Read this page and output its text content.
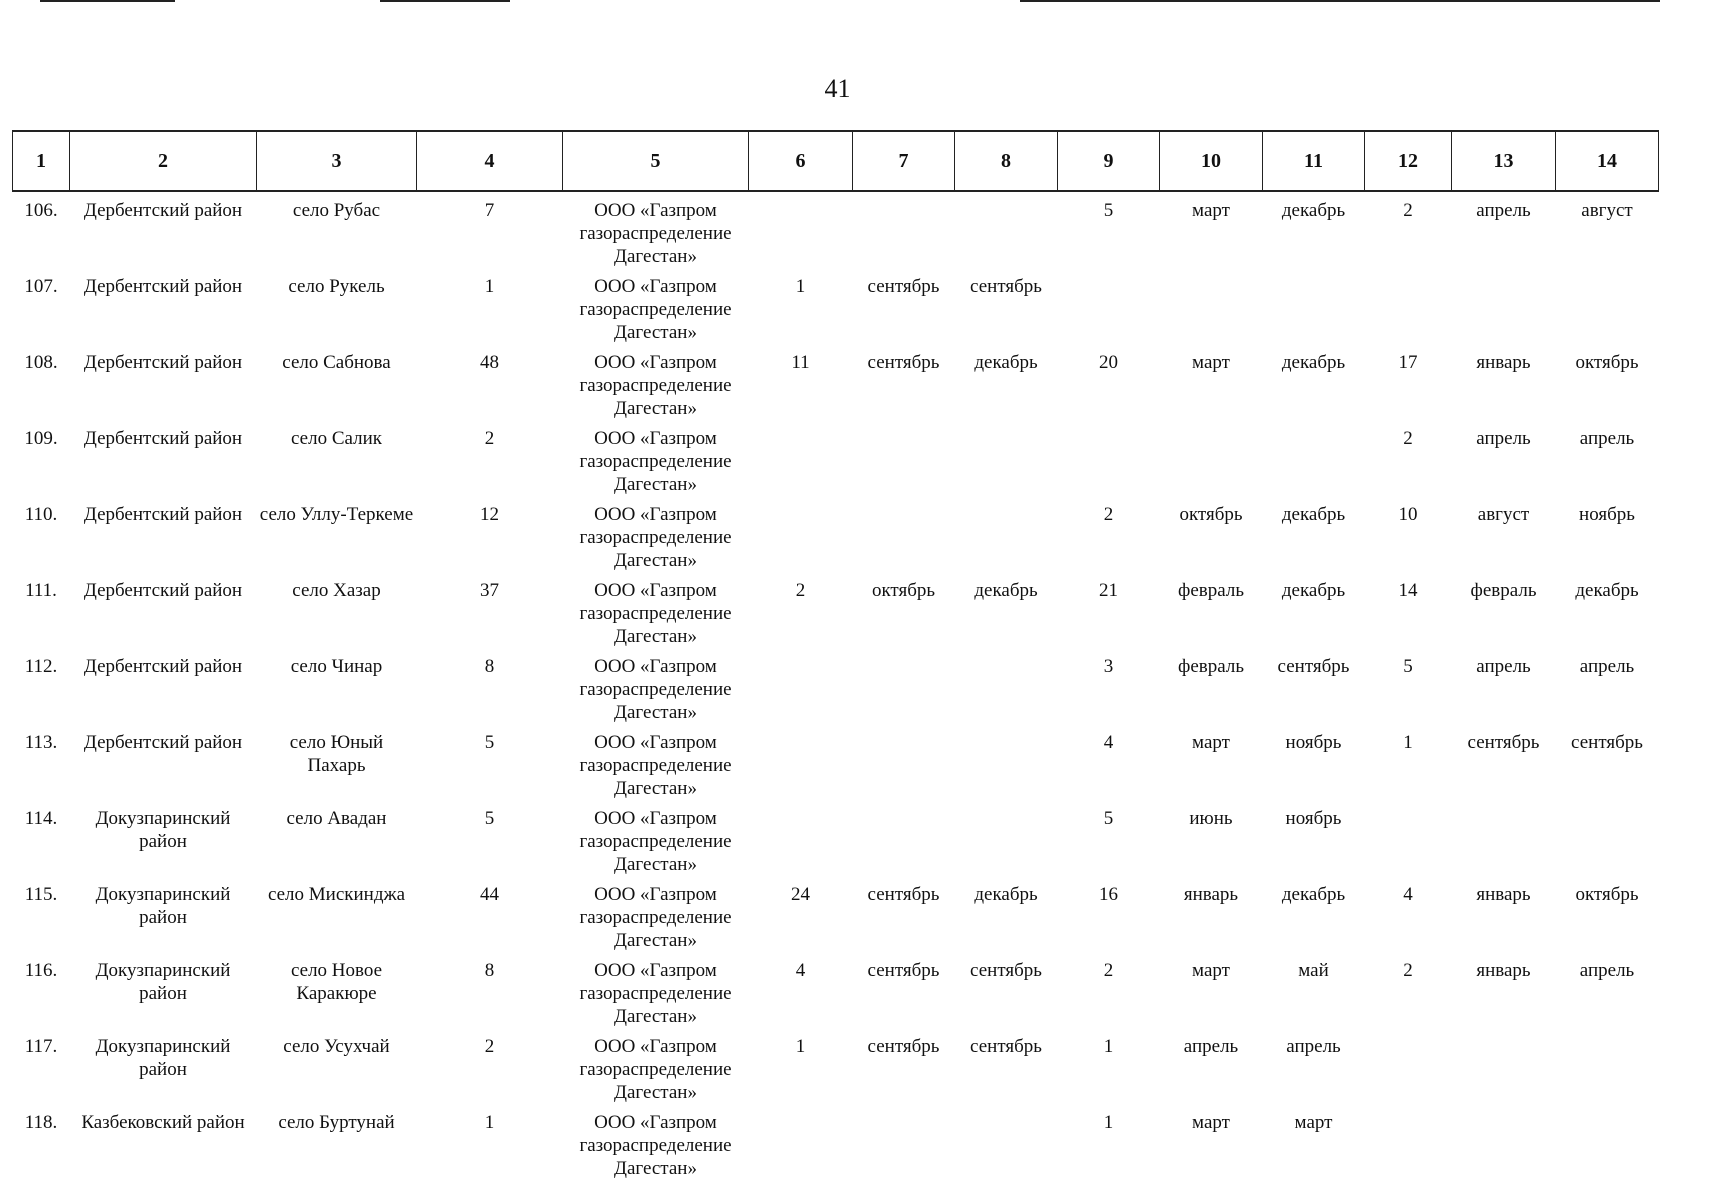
41
1	2	3	4	5	6	7	8	9	10	11	12	13	14
106.	Дербентский район	село Рубас	7	ООО «Газпром газораспределение Дагестан»				5	март	декабрь	2	апрель	август
107.	Дербентский район	село Рукель	1	ООО «Газпром газораспределение Дагестан»	1	сентябрь	сентябрь						
108.	Дербентский район	село Сабнова	48	ООО «Газпром газораспределение Дагестан»	11	сентябрь	декабрь	20	март	декабрь	17	январь	октябрь
109.	Дербентский район	село Салик	2	ООО «Газпром газораспределение Дагестан»							2	апрель	апрель
110.	Дербентский район	село Уллу-Теркеме	12	ООО «Газпром газораспределение Дагестан»				2	октябрь	декабрь	10	август	ноябрь
111.	Дербентский район	село Хазар	37	ООО «Газпром газораспределение Дагестан»	2	октябрь	декабрь	21	февраль	декабрь	14	февраль	декабрь
112.	Дербентский район	село Чинар	8	ООО «Газпром газораспределение Дагестан»				3	февраль	сентябрь	5	апрель	апрель
113.	Дербентский район	село Юный Пахарь	5	ООО «Газпром газораспределение Дагестан»				4	март	ноябрь	1	сентябрь	сентябрь
114.	Докузпаринский район	село Авадан	5	ООО «Газпром газораспределение Дагестан»				5	июнь	ноябрь			
115.	Докузпаринский район	село Мискинджа	44	ООО «Газпром газораспределение Дагестан»	24	сентябрь	декабрь	16	январь	декабрь	4	январь	октябрь
116.	Докузпаринский район	село Новое Каракюре	8	ООО «Газпром газораспределение Дагестан»	4	сентябрь	сентябрь	2	март	май	2	январь	апрель
117.	Докузпаринский район	село Усухчай	2	ООО «Газпром газораспределение Дагестан»	1	сентябрь	сентябрь	1	апрель	апрель			
118.	Казбековский район	село Буртунай	1	ООО «Газпром газораспределение Дагестан»				1	март	март			
